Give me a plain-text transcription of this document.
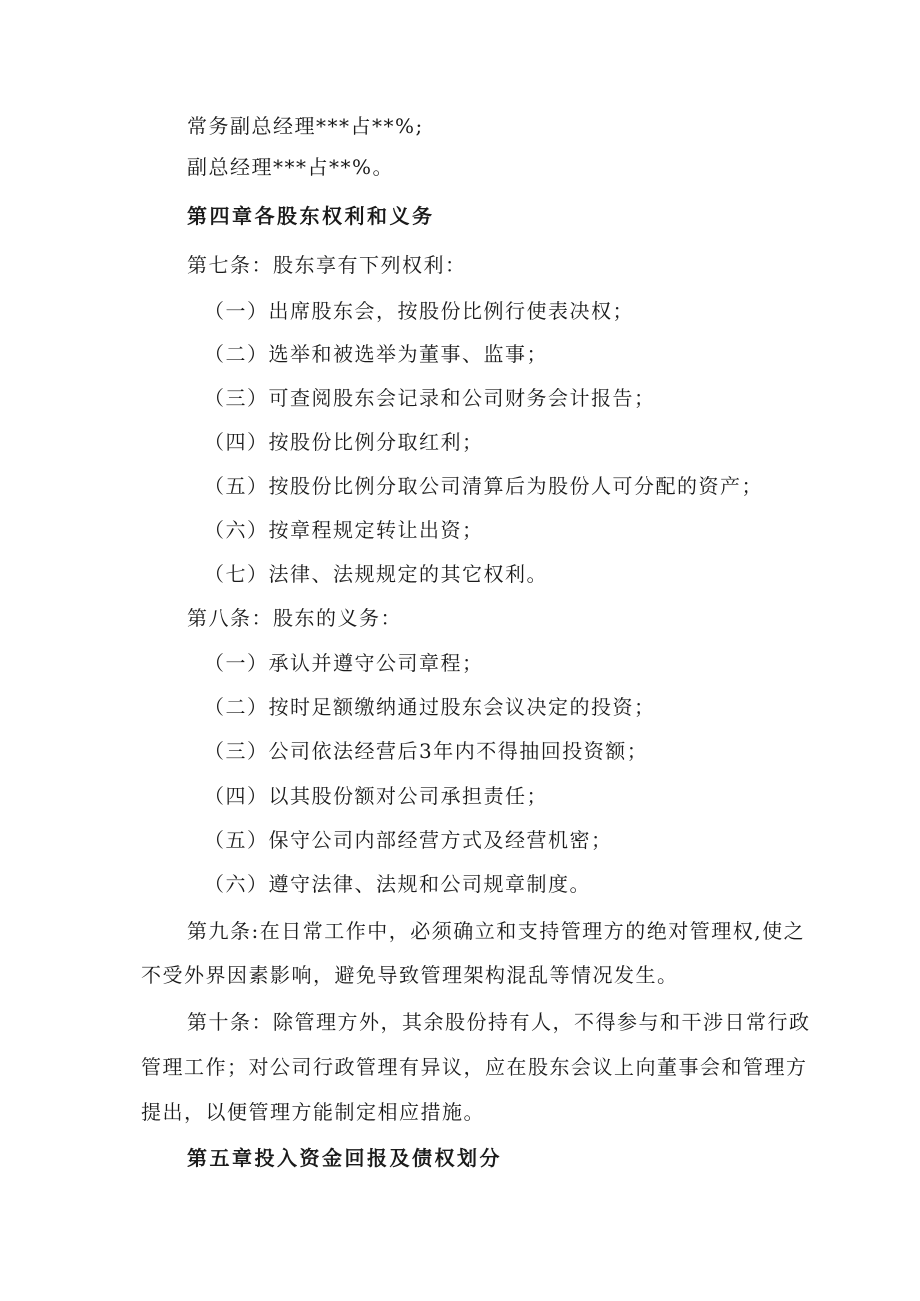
常务副总经理***占**%;
副总经理***占**%。
第四章各股东权利和义务
第七条：股东享有下列权利：
（一）出席股东会，按股份比例行使表决权；
（二）选举和被选举为董事、监事；
（三）可查阅股东会记录和公司财务会计报告；
（四）按股份比例分取红利；
（五）按股份比例分取公司清算后为股份人可分配的资产；
（六）按章程规定转让出资；
（七）法律、法规规定的其它权利。
第八条：股东的义务：
（一）承认并遵守公司章程；
（二）按时足额缴纳通过股东会议决定的投资；
（三）公司依法经营后3年内不得抽回投资额；
（四）以其股份额对公司承担责任；
（五）保守公司内部经营方式及经营机密；
（六）遵守法律、法规和公司规章制度。
第九条:在日常工作中，必须确立和支持管理方的绝对管理权,使之
不受外界因素影响，避免导致管理架构混乱等情况发生。
第十条：除管理方外，其余股份持有人，不得参与和干涉日常行政
管理工作；对公司行政管理有异议，应在股东会议上向董事会和管理方
提出，以便管理方能制定相应措施。
第五章投入资金回报及债权划分
